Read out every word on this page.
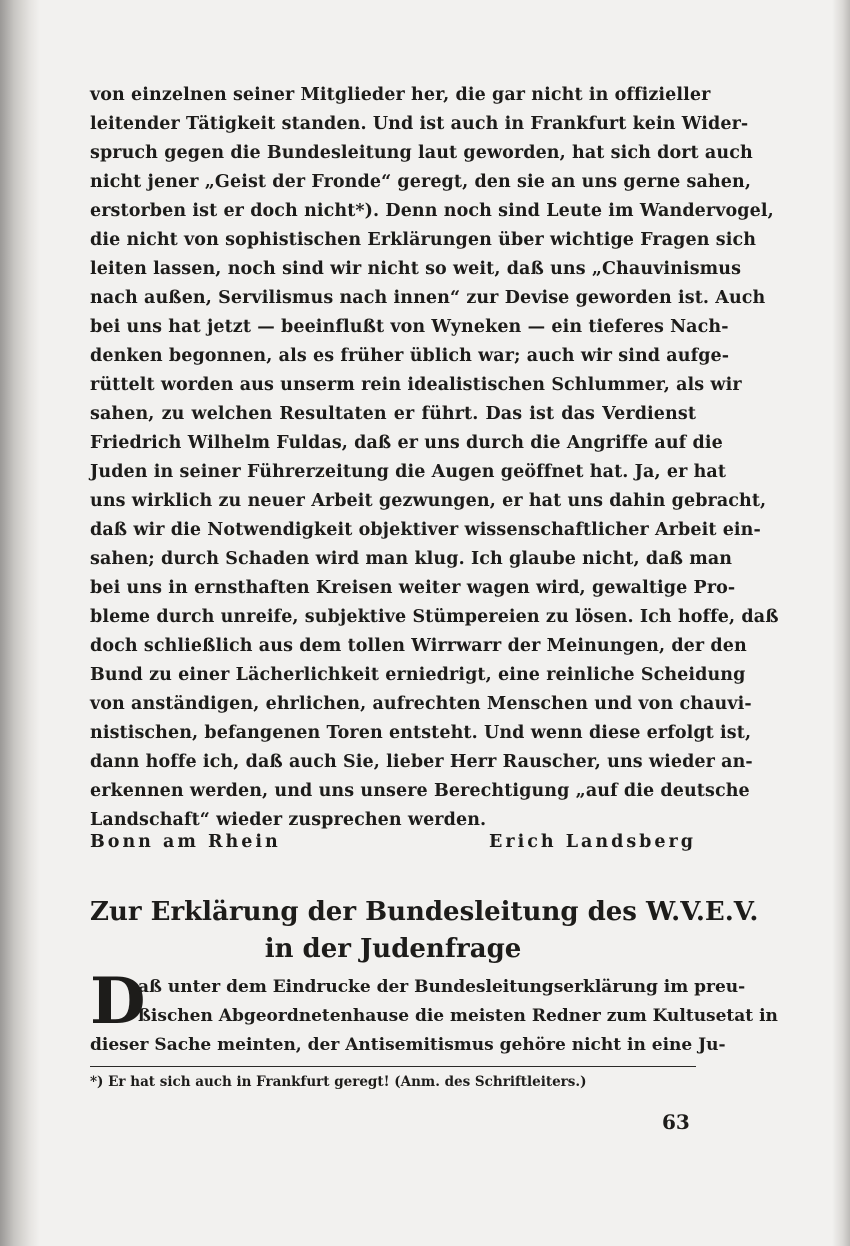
von einzelnen seiner Mitglieder her, die gar nicht in offizieller
leitender Tätigkeit standen. Und ist auch in Frankfurt kein Wider-
spruch gegen die Bundesleitung laut geworden, hat sich dort auch
nicht jener „Geist der Fronde“ geregt, den sie an uns gerne sahen,
erstorben ist er doch nicht*). Denn noch sind Leute im Wandervogel,
die nicht von sophistischen Erklärungen über wichtige Fragen sich
leiten lassen, noch sind wir nicht so weit, daß uns „Chauvinismus
nach außen, Servilismus nach innen“ zur Devise geworden ist. Auch
bei uns hat jetzt — beeinflußt von Wyneken — ein tieferes Nach-
denken begonnen, als es früher üblich war; auch wir sind aufge-
rüttelt worden aus unserm rein idealistischen Schlummer, als wir
sahen, zu welchen Resultaten er führt. Das ist das Verdienst
Friedrich Wilhelm Fuldas, daß er uns durch die Angriffe auf die
Juden in seiner Führerzeitung die Augen geöffnet hat. Ja, er hat
uns wirklich zu neuer Arbeit gezwungen, er hat uns dahin gebracht,
daß wir die Notwendigkeit objektiver wissenschaftlicher Arbeit ein-
sahen; durch Schaden wird man klug. Ich glaube nicht, daß man
bei uns in ernsthaften Kreisen weiter wagen wird, gewaltige Pro-
bleme durch unreife, subjektive Stümpereien zu lösen. Ich hoffe, daß
doch schließlich aus dem tollen Wirrwarr der Meinungen, der den
Bund zu einer Lächerlichkeit erniedrigt, eine reinliche Scheidung
von anständigen, ehrlichen, aufrechten Menschen und von chauvi-
nistischen, befangenen Toren entsteht. Und wenn diese erfolgt ist,
dann hoffe ich, daß auch Sie, lieber Herr Rauscher, uns wieder an-
erkennen werden, und uns unsere Berechtigung „auf die deutsche
Landschaft“ wieder zusprechen werden.
Bonn am Rhein	Erich Landsberg
Zur Erklärung der Bundesleitung des W.V.E.V.
in der Judenfrage
D
aß unter dem Eindrucke der Bundesleitungserklärung im preu-
ßischen Abgeordnetenhause die meisten Redner zum Kultusetat in
dieser Sache meinten, der Antisemitismus gehöre nicht in eine Ju-
*) Er hat sich auch in Frankfurt geregt! (Anm. des Schriftleiters.)
63
